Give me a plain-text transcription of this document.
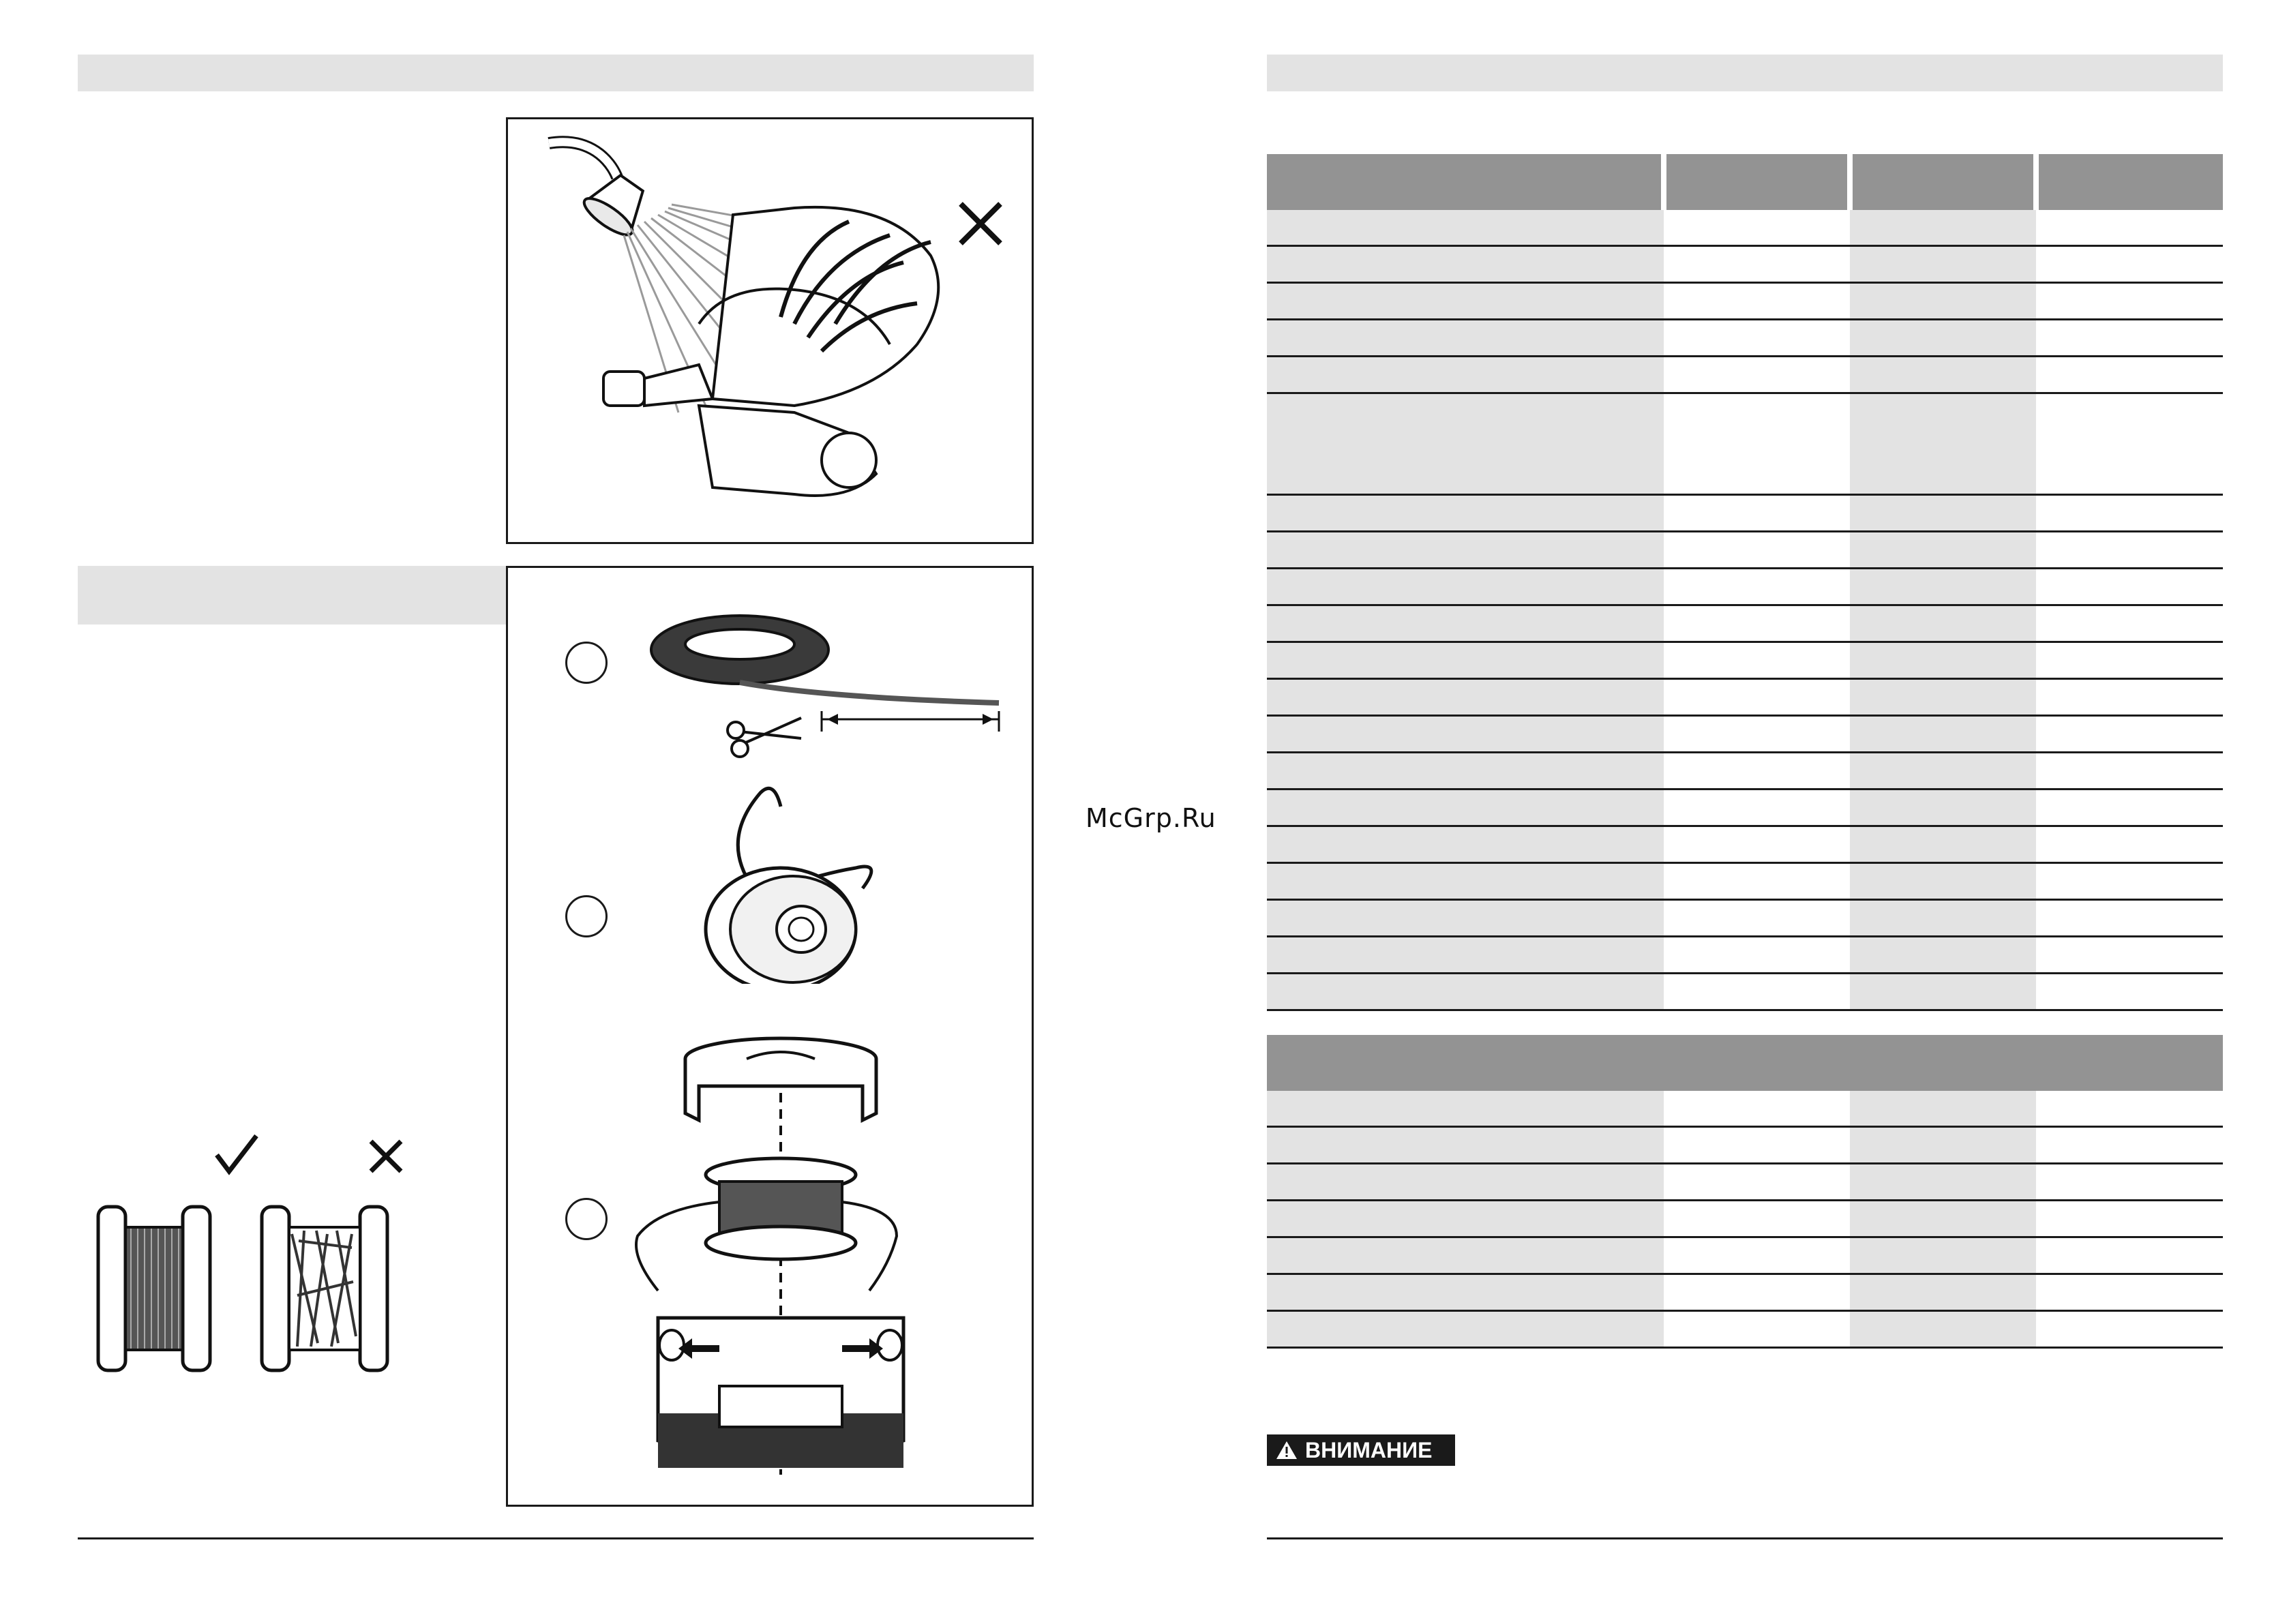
McGrp.Ru

ВНИМАНИЕ
